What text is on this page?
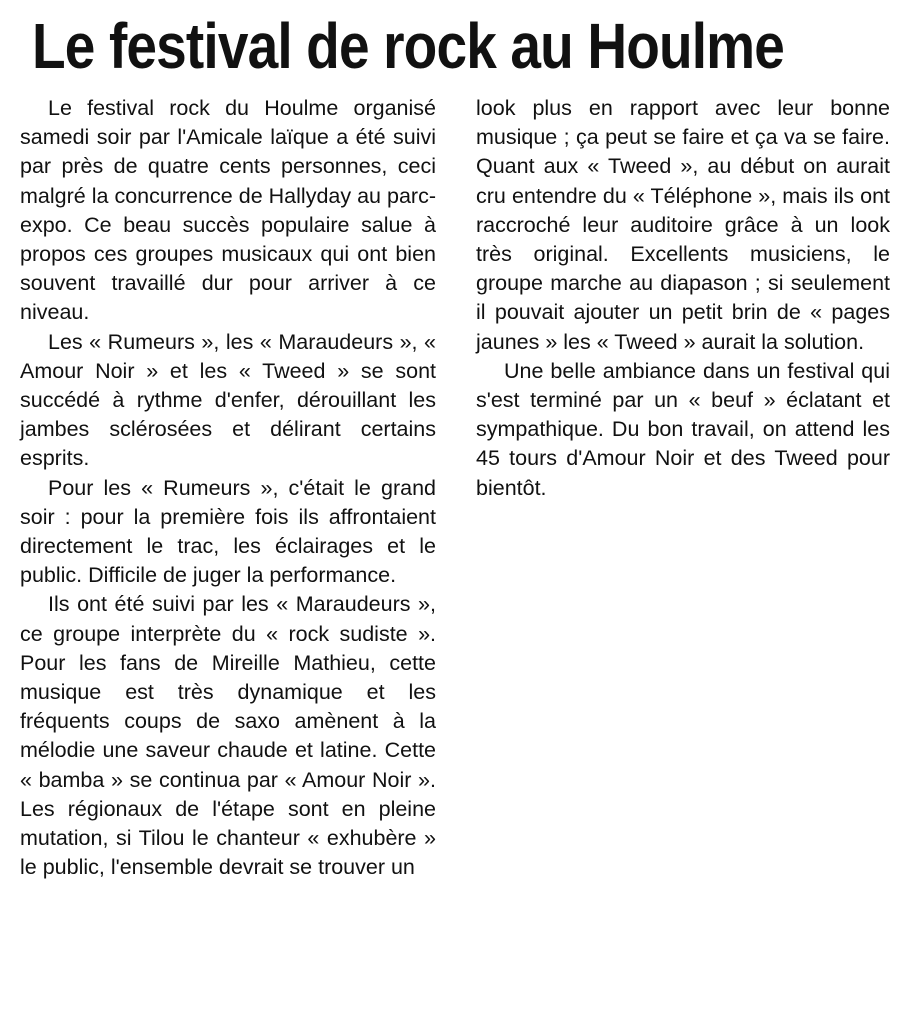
Le festival de rock au Houlme

Le festival rock du Houlme organisé samedi soir par l'Amicale laïque a été suivi par près de quatre cents personnes, ceci malgré la concurrence de Hallyday au parc-expo. Ce beau succès populaire salue à propos ces groupes musicaux qui ont bien souvent travaillé dur pour arriver à ce niveau.

Les « Rumeurs », les « Maraudeurs », « Amour Noir » et les « Tweed » se sont succédé à rythme d'enfer, dérouillant les jambes sclérosées et délirant certains esprits.

Pour les « Rumeurs », c'était le grand soir : pour la première fois ils affrontaient directement le trac, les éclairages et le public. Difficile de juger la performance.

Ils ont été suivi par les « Maraudeurs », ce groupe interprète du « rock sudiste ». Pour les fans de Mireille Mathieu, cette musique est très dynamique et les fréquents coups de saxo amènent à la mélodie une saveur chaude et latine. Cette « bamba » se continua par « Amour Noir ». Les régionaux de l'étape sont en pleine mutation, si Tilou le chanteur « exhubère » le public, l'ensemble devrait se trouver un

look plus en rapport avec leur bonne musique ; ça peut se faire et ça va se faire. Quant aux « Tweed », au début on aurait cru entendre du « Téléphone », mais ils ont raccroché leur auditoire grâce à un look très original. Excellents musiciens, le groupe marche au diapason ; si seulement il pouvait ajouter un petit brin de « pages jaunes » les « Tweed » aurait la solution.

Une belle ambiance dans un festival qui s'est terminé par un « beuf » éclatant et sympathique. Du bon travail, on attend les 45 tours d'Amour Noir et des Tweed pour bientôt.
